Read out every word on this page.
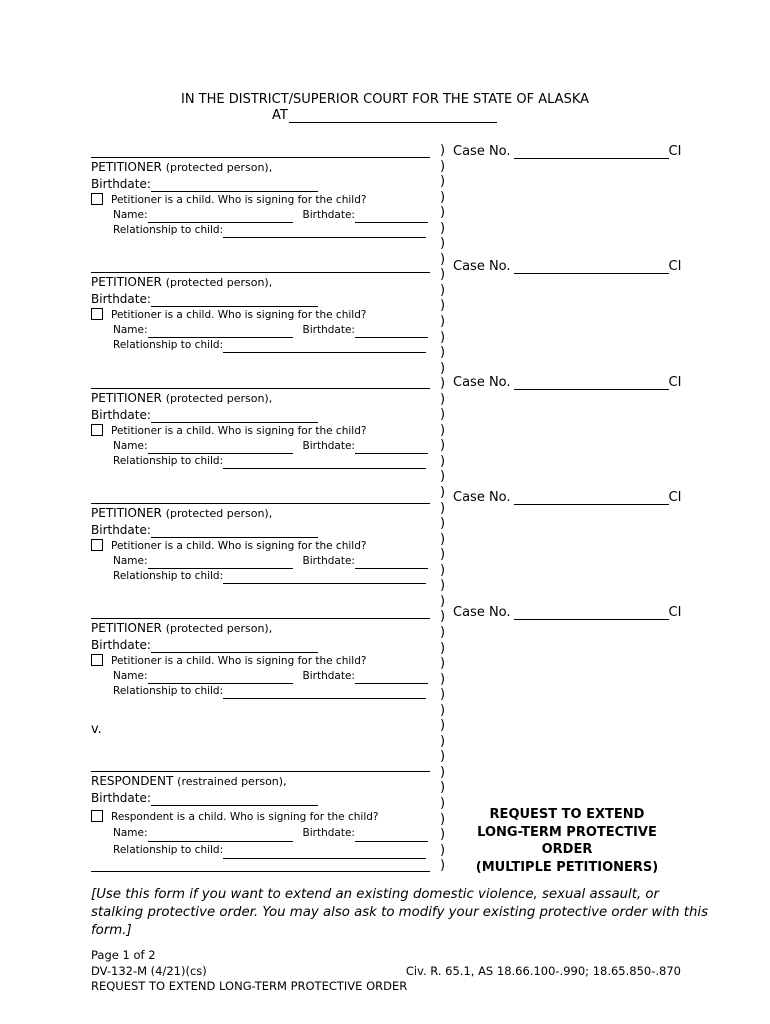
IN THE DISTRICT/SUPERIOR COURT FOR THE STATE OF ALASKA
AT
PETITIONER (protected person),
Birthdate:
Petitioner is a child. Who is signing for the child?
Name:	Birthdate:
Relationship to child:
PETITIONER (protected person),
Birthdate:
Petitioner is a child. Who is signing for the child?
Name:	Birthdate:
Relationship to child:
PETITIONER (protected person),
Birthdate:
Petitioner is a child. Who is signing for the child?
Name:	Birthdate:
Relationship to child:
PETITIONER (protected person),
Birthdate:
Petitioner is a child. Who is signing for the child?
Name:	Birthdate:
Relationship to child:
PETITIONER (protected person),
Birthdate:
Petitioner is a child. Who is signing for the child?
Name:	Birthdate:
Relationship to child:
RESPONDENT (restrained person),
Birthdate:
Respondent is a child. Who is signing for the child?
Name:	Birthdate:
Relationship to child:
)
)
)
)
)
)
)
)
)
)
)
)
)
)
)
)
)
)
)
)
)
)
)
)
)
)
)
)
)
)
)
)
)
)
)
)
)
)
)
)
)
)
)
)
)
)
)

Case No.	CI
Case No.	CI
Case No.	CI
Case No.	CI
Case No.	CI
v.
REQUEST TO EXTEND
LONG-TERM PROTECTIVE
ORDER
(MULTIPLE PETITIONERS)
[Use this form if you want to extend an existing domestic violence, sexual assault, or stalking protective order. You may also ask to modify your existing protective order with this form.]
Page 1 of 2
DV-132-M (4/21)(cs)
REQUEST TO EXTEND LONG-TERM PROTECTIVE ORDER
Civ. R. 65.1, AS 18.66.100-.990; 18.65.850-.870
